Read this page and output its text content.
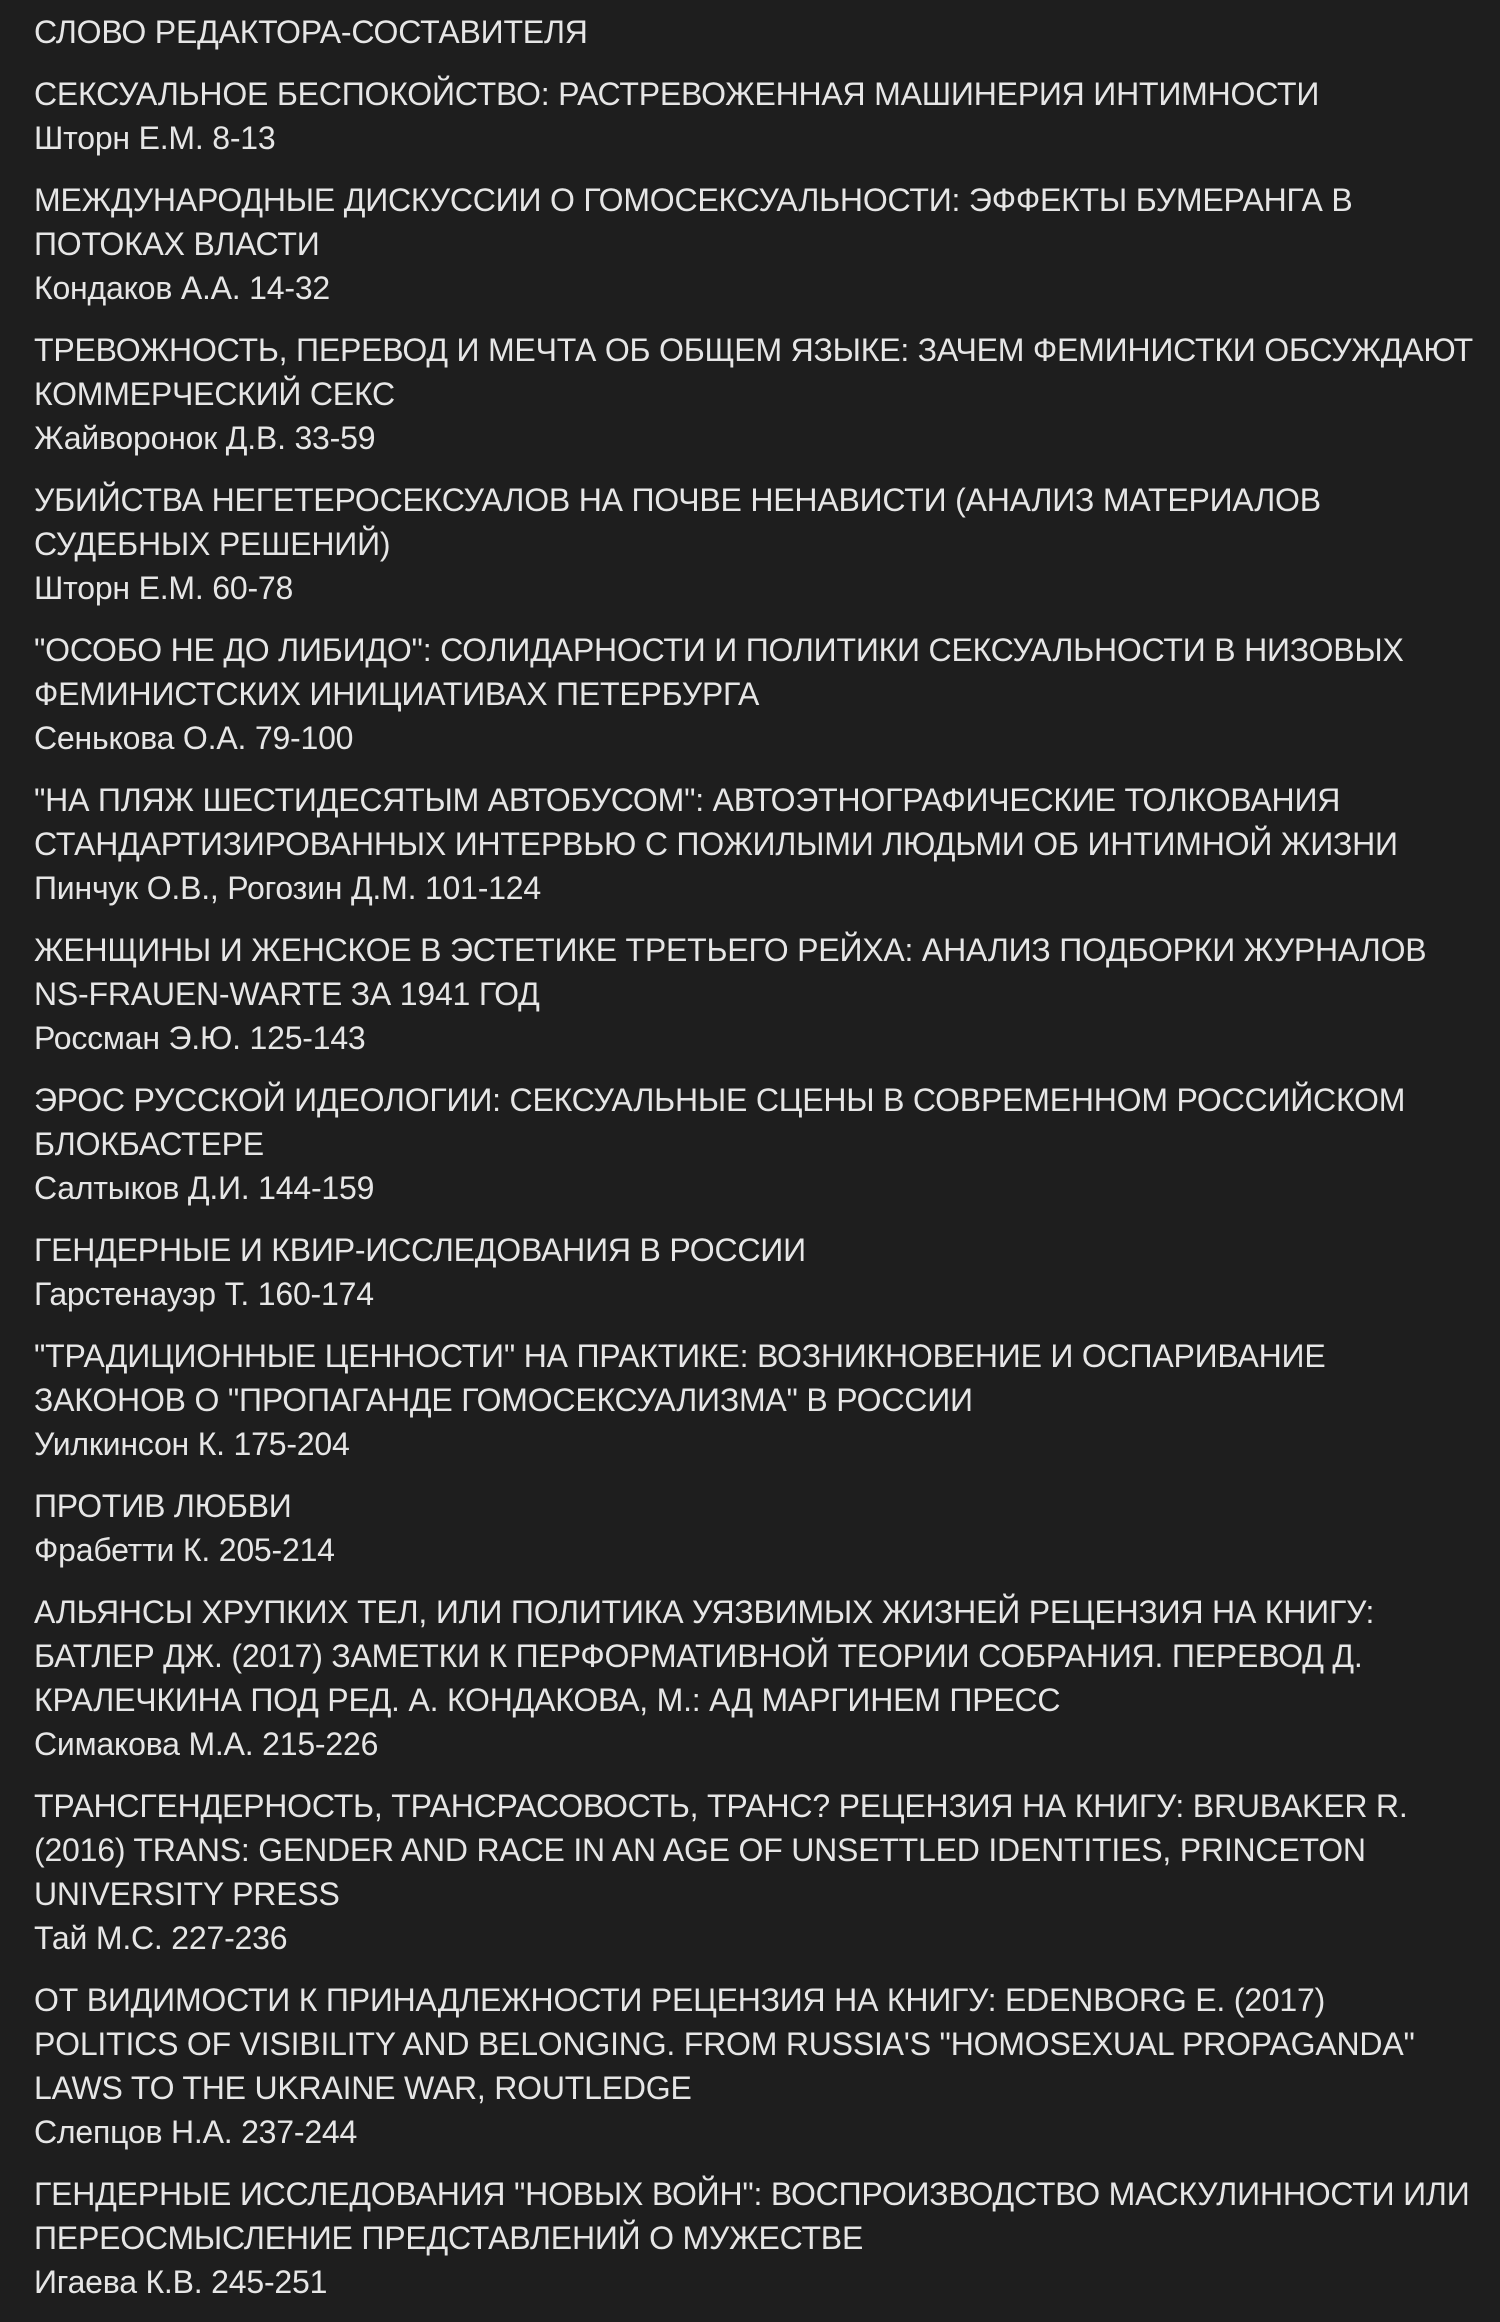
СЛОВО РЕДАКТОРА-СОСТАВИТЕЛЯ
СЕКСУАЛЬНОЕ БЕСПОКОЙСТВО: РАСТРЕВОЖЕННАЯ МАШИНЕРИЯ ИНТИМНОСТИ
Шторн Е.М. 8-13
МЕЖДУНАРОДНЫЕ ДИСКУССИИ О ГОМОСЕКСУАЛЬНОСТИ: ЭФФЕКТЫ БУМЕРАНГА В ПОТОКАХ ВЛАСТИ
Кондаков А.А. 14-32
ТРЕВОЖНОСТЬ, ПЕРЕВОД И МЕЧТА ОБ ОБЩЕМ ЯЗЫКЕ: ЗАЧЕМ ФЕМИНИСТКИ ОБСУЖДАЮТ КОММЕРЧЕСКИЙ СЕКС
Жайворонок Д.В. 33-59
УБИЙСТВА НЕГЕТЕРОСЕКСУАЛОВ НА ПОЧВЕ НЕНАВИСТИ (АНАЛИЗ МАТЕРИАЛОВ СУДЕБНЫХ РЕШЕНИЙ)
Шторн Е.М. 60-78
"ОСОБО НЕ ДО ЛИБИДО": СОЛИДАРНОСТИ И ПОЛИТИКИ СЕКСУАЛЬНОСТИ В НИЗОВЫХ ФЕМИНИСТСКИХ ИНИЦИАТИВАХ ПЕТЕРБУРГА
Сенькова О.А. 79-100
"НА ПЛЯЖ ШЕСТИДЕСЯТЫМ АВТОБУСОМ": АВТОЭТНОГРАФИЧЕСКИЕ ТОЛКОВАНИЯ СТАНДАРТИЗИРОВАННЫХ ИНТЕРВЬЮ С ПОЖИЛЫМИ ЛЮДЬМИ ОБ ИНТИМНОЙ ЖИЗНИ
Пинчук О.В., Рогозин Д.М. 101-124
ЖЕНЩИНЫ И ЖЕНСКОЕ В ЭСТЕТИКЕ ТРЕТЬЕГО РЕЙХА: АНАЛИЗ ПОДБОРКИ ЖУРНАЛОВ NS-FRAUEN-WARTE ЗА 1941 ГОД
Россман Э.Ю. 125-143
ЭРОС РУССКОЙ ИДЕОЛОГИИ: СЕКСУАЛЬНЫЕ СЦЕНЫ В СОВРЕМЕННОМ РОССИЙСКОМ БЛОКБАСТЕРЕ
Салтыков Д.И. 144-159
ГЕНДЕРНЫЕ И КВИР-ИССЛЕДОВАНИЯ В РОССИИ
Гарстенауэр Т. 160-174
"ТРАДИЦИОННЫЕ ЦЕННОСТИ" НА ПРАКТИКЕ: ВОЗНИКНОВЕНИЕ И ОСПАРИВАНИЕ ЗАКОНОВ О "ПРОПАГАНДЕ ГОМОСЕКСУАЛИЗМА" В РОССИИ
Уилкинсон К. 175-204
ПРОТИВ ЛЮБВИ
Фрабетти К. 205-214
АЛЬЯНСЫ ХРУПКИХ ТЕЛ, ИЛИ ПОЛИТИКА УЯЗВИМЫХ ЖИЗНЕЙ РЕЦЕНЗИЯ НА КНИГУ: БАТЛЕР ДЖ. (2017) ЗАМЕТКИ К ПЕРФОРМАТИВНОЙ ТЕОРИИ СОБРАНИЯ. ПЕРЕВОД Д. КРАЛЕЧКИНА ПОД РЕД. А. КОНДАКОВА, М.: АД МАРГИНЕМ ПРЕСС
Симакова М.А. 215-226
ТРАНСГЕНДЕРНОСТЬ, ТРАНСРАСОВОСТЬ, ТРАНС? РЕЦЕНЗИЯ НА КНИГУ: BRUBAKER R. (2016) TRANS: GENDER AND RACE IN AN AGE OF UNSETTLED IDENTITIES, PRINCETON UNIVERSITY PRESS
Тай М.С. 227-236
ОТ ВИДИМОСТИ К ПРИНАДЛЕЖНОСТИ РЕЦЕНЗИЯ НА КНИГУ: EDENBORG E. (2017) POLITICS OF VISIBILITY AND BELONGING. FROM RUSSIA'S "HOMOSEXUAL PROPAGANDA" LAWS TO THE UKRAINE WAR, ROUTLEDGE
Слепцов Н.А. 237-244
ГЕНДЕРНЫЕ ИССЛЕДОВАНИЯ "НОВЫХ ВОЙН": ВОСПРОИЗВОДСТВО МАСКУЛИННОСТИ ИЛИ ПЕРЕОСМЫСЛЕНИЕ ПРЕДСТАВЛЕНИЙ О МУЖЕСТВЕ
Игаева К.В. 245-251
